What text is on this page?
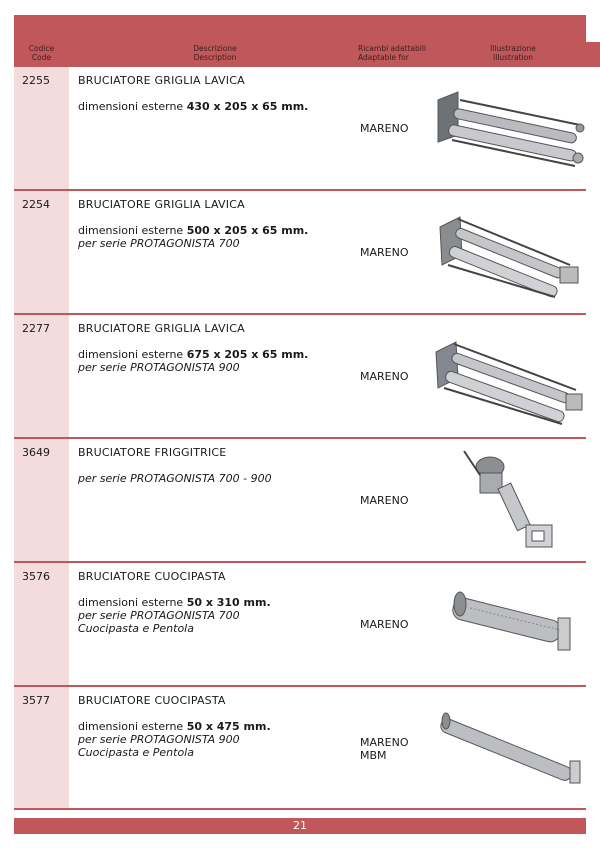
Codice
Code
Descrizione
Description
Ricambi adattabili
Adaptable for
Illustrazione
Illustration
2255	BRUCIATORE GRIGLIA LAVICA
dimensioni esterne 430 x 205 x 65 mm.
MARENO
2254	BRUCIATORE GRIGLIA LAVICA
dimensioni esterne 500 x 205 x 65 mm.
per serie PROTAGONISTA 700
MARENO
2277	BRUCIATORE GRIGLIA LAVICA
dimensioni esterne 675 x 205 x 65 mm.
per serie PROTAGONISTA 900
MARENO
3649	BRUCIATORE FRIGGITRICE
per serie PROTAGONISTA 700 - 900
MARENO
3576	BRUCIATORE CUOCIPASTA
dimensioni esterne 50 x 310 mm.
per serie PROTAGONISTA 700
Cuocipasta e Pentola	MARENO
3577	BRUCIATORE CUOCIPASTA
dimensioni esterne 50 x 475 mm.
per serie PROTAGONISTA 900
Cuocipasta e Pentola
MARENO
MBM
21
